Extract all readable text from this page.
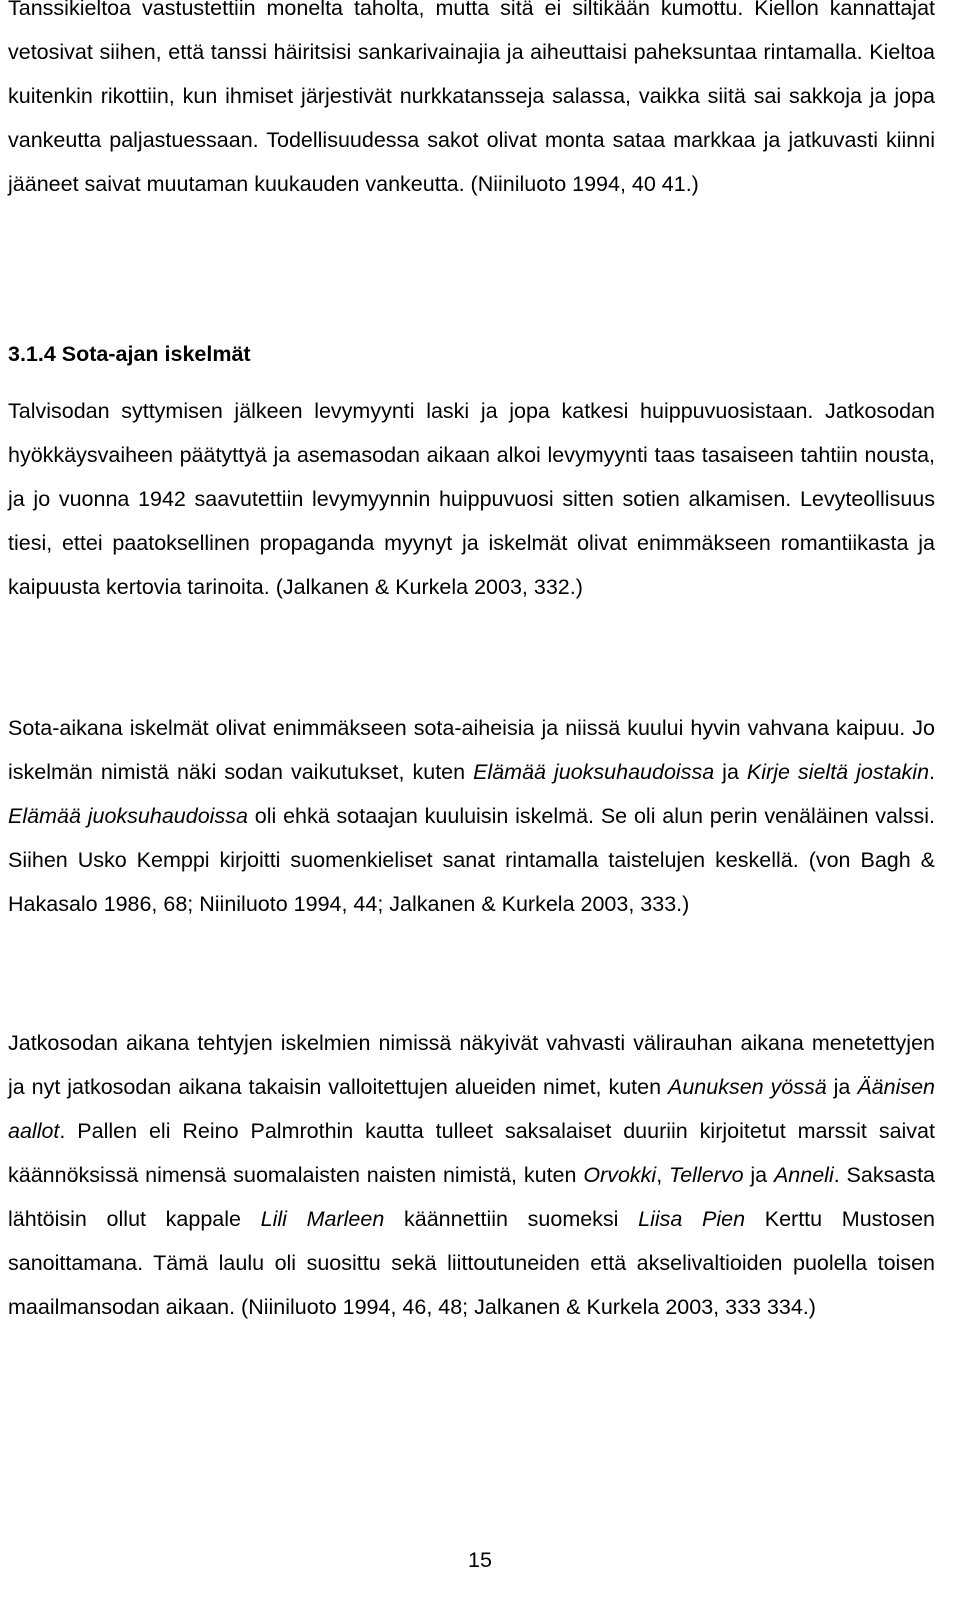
Tanssikieltoa vastustettiin monelta taholta, mutta sitä ei siltikään kumottu. Kiellon kannattajat vetosivat siihen, että tanssi häiritsisi sankarivainajia ja aiheuttaisi paheksuntaa rintamalla. Kieltoa kuitenkin rikottiin, kun ihmiset järjestivät nurkkatansseja salassa, vaikka siitä sai sakkoja ja jopa vankeutta paljastuessaan. Todellisuudessa sakot olivat monta sataa markkaa ja jatkuvasti kiinni jääneet saivat muutaman kuukauden vankeutta. (Niiniluoto 1994, 40 41.)

3.1.4 Sota-ajan iskelmät

Talvisodan syttymisen jälkeen levymyynti laski ja jopa katkesi huippuvuosistaan. Jatkosodan hyökkäysvaiheen päätyttyä ja asemasodan aikaan alkoi levymyynti taas tasaiseen tahtiin nousta, ja jo vuonna 1942 saavutettiin levymyynnin huippuvuosi sitten sotien alkamisen. Levyteollisuus tiesi, ettei paatoksellinen propaganda myynyt ja iskelmät olivat enimmäkseen romantiikasta ja kaipuusta kertovia tarinoita. (Jalkanen & Kurkela 2003, 332.)

Sota-aikana iskelmät olivat enimmäkseen sota-aiheisia ja niissä kuului hyvin vahvana kaipuu. Jo iskelmän nimistä näki sodan vaikutukset, kuten Elämää juoksuhaudoissa ja Kirje sieltä jostakin. Elämää juoksuhaudoissa oli ehkä sotaajan kuuluisin iskelmä. Se oli alun perin venäläinen valssi. Siihen Usko Kemppi kirjoitti suomenkieliset sanat rintamalla taistelujen keskellä. (von Bagh & Hakasalo 1986, 68; Niiniluoto 1994, 44; Jalkanen & Kurkela 2003, 333.)

Jatkosodan aikana tehtyjen iskelmien nimissä näkyivät vahvasti välirauhan aikana menetettyjen ja nyt jatkosodan aikana takaisin valloitettujen alueiden nimet, kuten Aunuksen yössä ja Äänisen aallot. Pallen eli Reino Palmrothin kautta tulleet saksalaiset duuriin kirjoitetut marssit saivat käännöksissä nimensä suomalaisten naisten nimistä, kuten Orvokki, Tellervo ja Anneli. Saksasta lähtöisin ollut kappale Lili Marleen käännettiin suomeksi Liisa Pien Kerttu Mustosen sanoittamana. Tämä laulu oli suosittu sekä liittoutuneiden että akselivaltioiden puolella toisen maailmansodan aikaan. (Niiniluoto 1994, 46, 48; Jalkanen & Kurkela 2003, 333 334.)

15
